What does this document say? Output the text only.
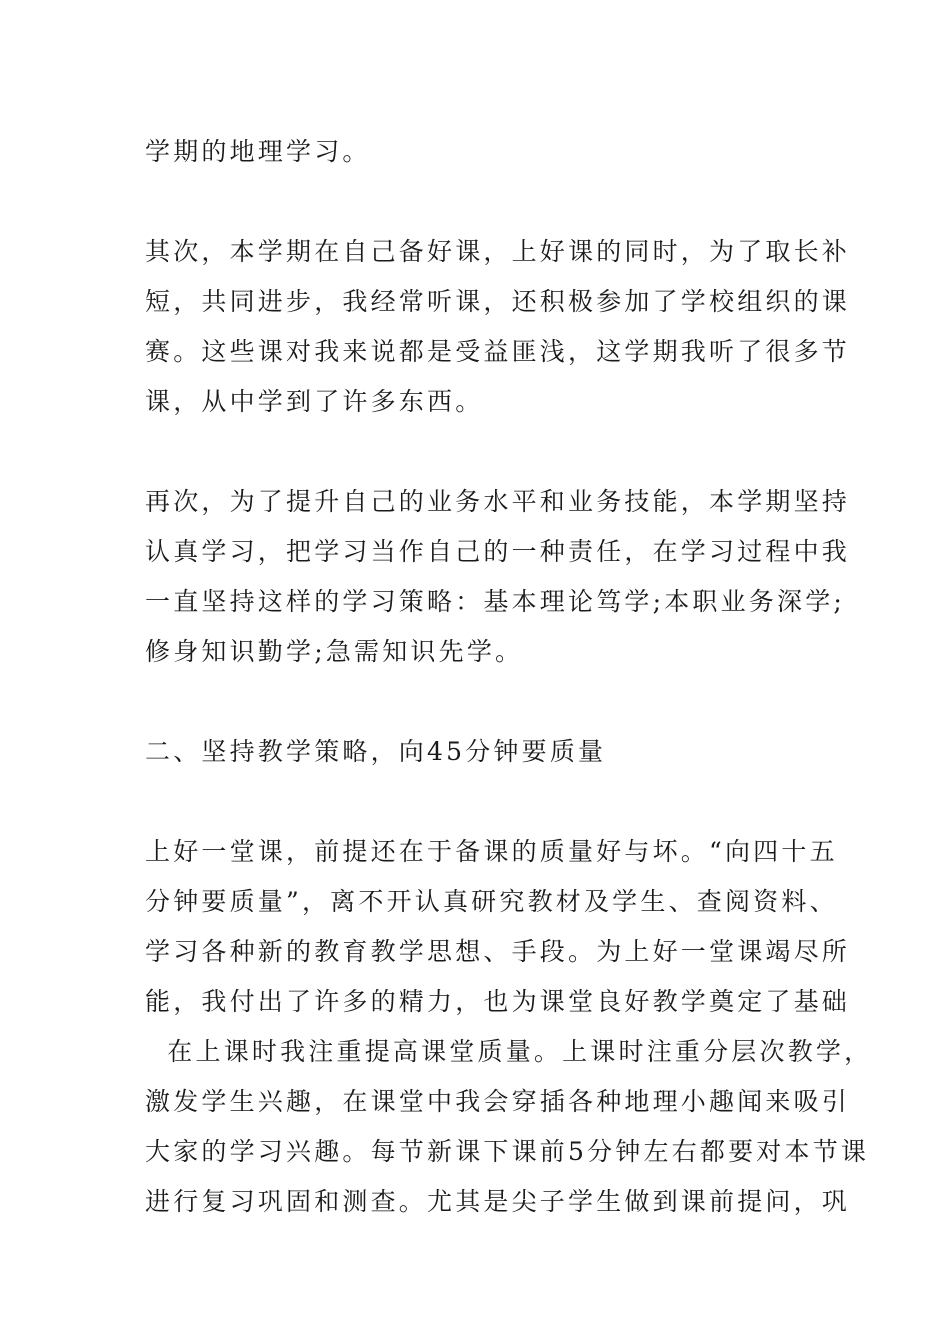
学期的地理学习。

其次，本学期在自己备好课，上好课的同时，为了取长补

短，共同进步，我经常听课，还积极参加了学校组织的课

赛。这些课对我来说都是受益匪浅，这学期我听了很多节

课，从中学到了许多东西。

再次，为了提升自己的业务水平和业务技能，本学期坚持

认真学习，把学习当作自己的一种责任，在学习过程中我

一直坚持这样的学习策略：基本理论笃学;本职业务深学;

修身知识勤学;急需知识先学。

二、坚持教学策略，向45分钟要质量

上好一堂课，前提还在于备课的质量好与坏。“向四十五

分钟要质量”，离不开认真研究教材及学生、查阅资料、

学习各种新的教育教学思想、手段。为上好一堂课竭尽所

能，我付出了许多的精力，也为课堂良好教学奠定了基础

在上课时我注重提高课堂质量。上课时注重分层次教学，

激发学生兴趣，在课堂中我会穿插各种地理小趣闻来吸引

大家的学习兴趣。每节新课下课前5分钟左右都要对本节课

进行复习巩固和测查。尤其是尖子学生做到课前提问，巩
